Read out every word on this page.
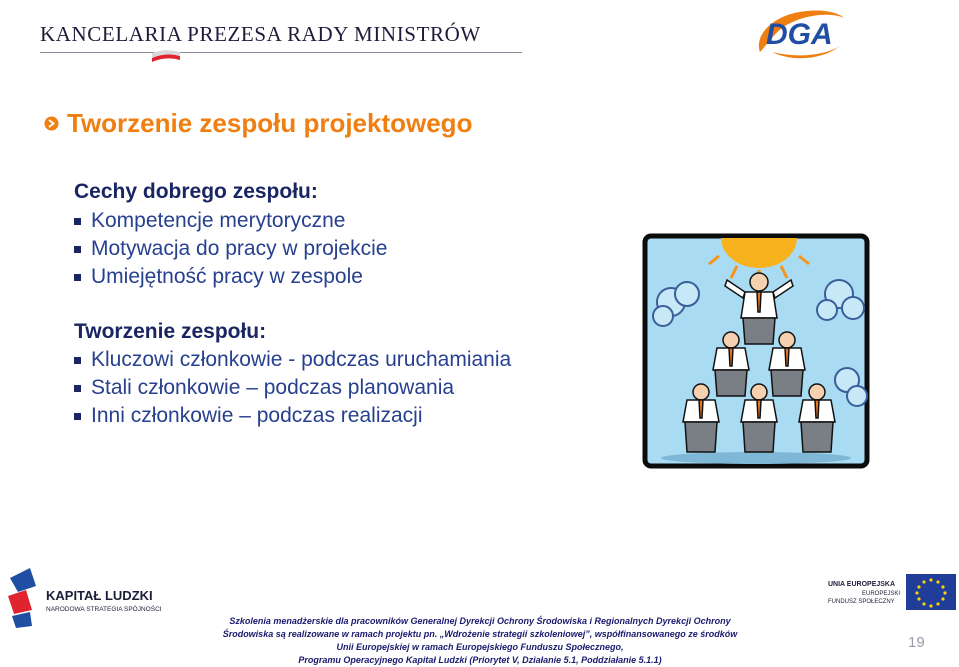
KANCELARIA PREZESA RADY MINISTRÓW	DGA
Tworzenie zespołu projektowego
Cechy dobrego zespołu:
Kompetencje merytoryczne
Motywacja do pracy w projekcie
Umiejętność pracy w zespole
Tworzenie zespołu:
Kluczowi członkowie - podczas uruchamiania
Stali członkowie – podczas planowania
Inni członkowie – podczas realizacji
KAPITAŁ LUDZKI
NARODOWA STRATEGIA SPÓJNOŚCI
UNIA EUROPEJSKA
EUROPEJSKI
FUNDUSZ SPOŁECZNY
Szkolenia menadżerskie dla pracowników Generalnej Dyrekcji Ochrony Środowiska i Regionalnych Dyrekcji Ochrony
Środowiska są realizowane w ramach projektu pn. „Wdrożenie strategii szkoleniowej”, współfinansowanego ze środków
Unii Europejskiej w ramach Europejskiego Funduszu Społecznego,
Programu Operacyjnego Kapitał Ludzki (Priorytet V, Działanie 5.1, Poddziałanie 5.1.1)
19
